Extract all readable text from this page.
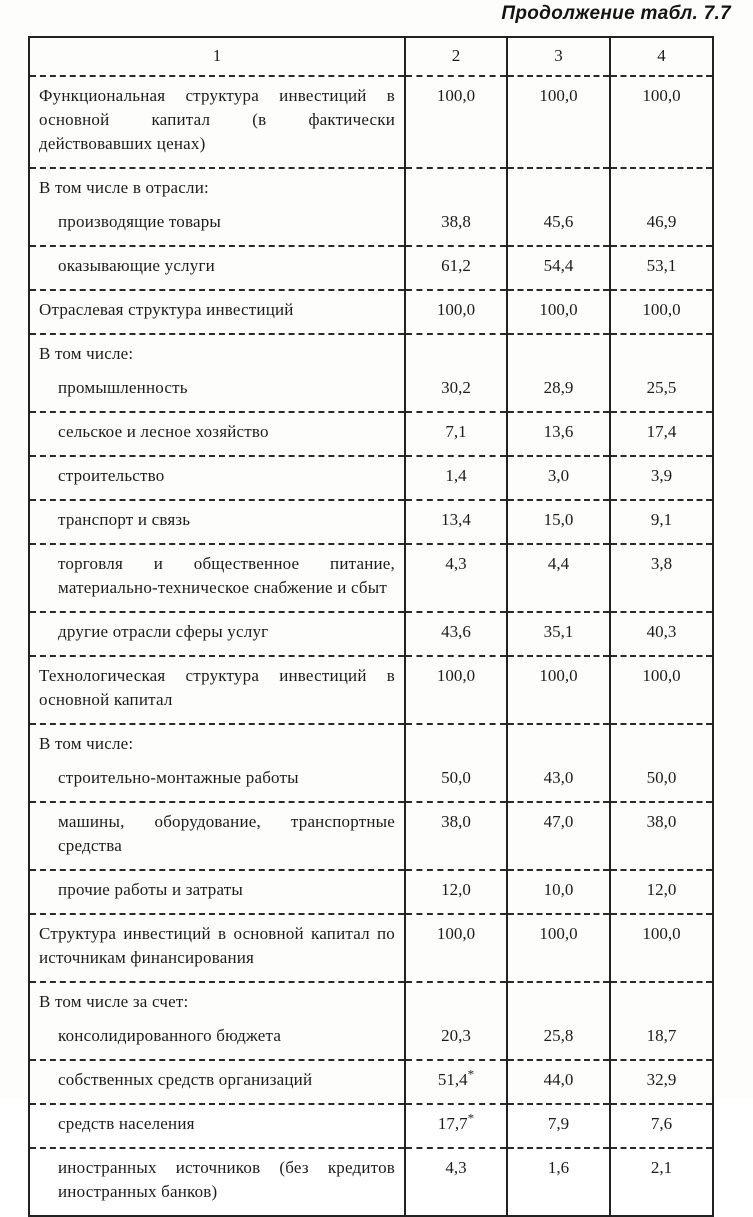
Продолжение табл. 7.7
1	2	3	4
Функциональная структура инвестиций в основной капитал (в фактически действовавших ценах)	100,0	100,0	100,0
В том числе в отрасли:			
производящие товары	38,8	45,6	46,9
оказывающие услуги	61,2	54,4	53,1
Отраслевая структура инвестиций	100,0	100,0	100,0
В том числе:			
промышленность	30,2	28,9	25,5
сельское и лесное хозяйство	7,1	13,6	17,4
строительство	1,4	3,0	3,9
транспорт и связь	13,4	15,0	9,1
торговля и общественное питание, материально-техническое снабжение и сбыт	4,3	4,4	3,8
другие отрасли сферы услуг	43,6	35,1	40,3
Технологическая структура инвестиций в основной капитал	100,0	100,0	100,0
В том числе:			
строительно-монтажные работы	50,0	43,0	50,0
машины, оборудование, транспортные средства	38,0	47,0	38,0
прочие работы и затраты	12,0	10,0	12,0
Структура инвестиций в основной капитал по источникам финансирования	100,0	100,0	100,0
В том числе за счет:			
консолидированного бюджета	20,3	25,8	18,7
собственных средств организаций	51,4*	44,0	32,9
средств населения	17,7*	7,9	7,6
иностранных источников (без кредитов иностранных банков)	4,3	1,6	2,1
